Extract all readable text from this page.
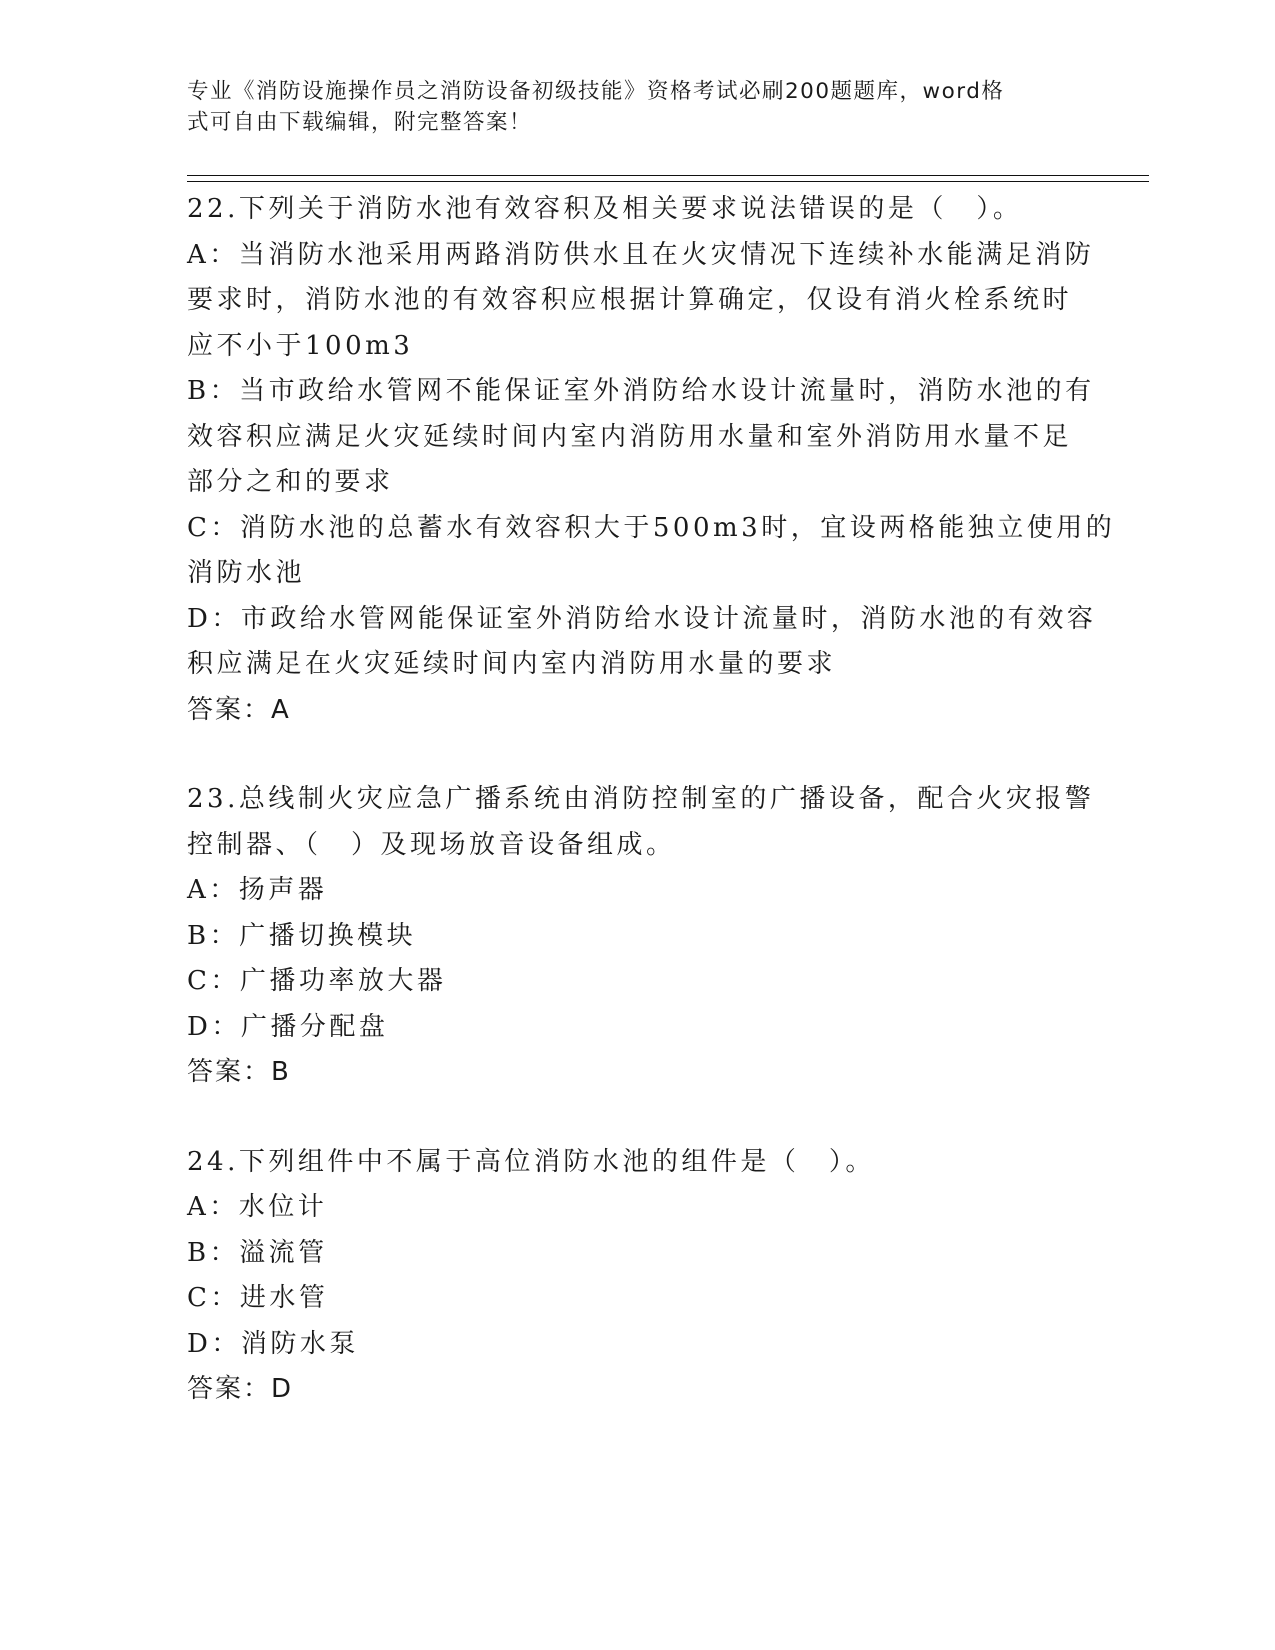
专业《消防设施操作员之消防设备初级技能》资格考试必刷200题题库，word格
式可自由下载编辑，附完整答案！
22.下列关于消防水池有效容积及相关要求说法错误的是（　）。
A：当消防水池采用两路消防供水且在火灾情况下连续补水能满足消防
要求时，消防水池的有效容积应根据计算确定，仅设有消火栓系统时
应不小于100m3
B：当市政给水管网不能保证室外消防给水设计流量时，消防水池的有
效容积应满足火灾延续时间内室内消防用水量和室外消防用水量不足
部分之和的要求
C：消防水池的总蓄水有效容积大于500m3时，宜设两格能独立使用的
消防水池
D：市政给水管网能保证室外消防给水设计流量时，消防水池的有效容
积应满足在火灾延续时间内室内消防用水量的要求
答案：A
23.总线制火灾应急广播系统由消防控制室的广播设备，配合火灾报警
控制器、（　）及现场放音设备组成。
A：扬声器
B：广播切换模块
C：广播功率放大器
D：广播分配盘
答案：B
24.下列组件中不属于高位消防水池的组件是（　）。
A：水位计
B：溢流管
C：进水管
D：消防水泵
答案：D
